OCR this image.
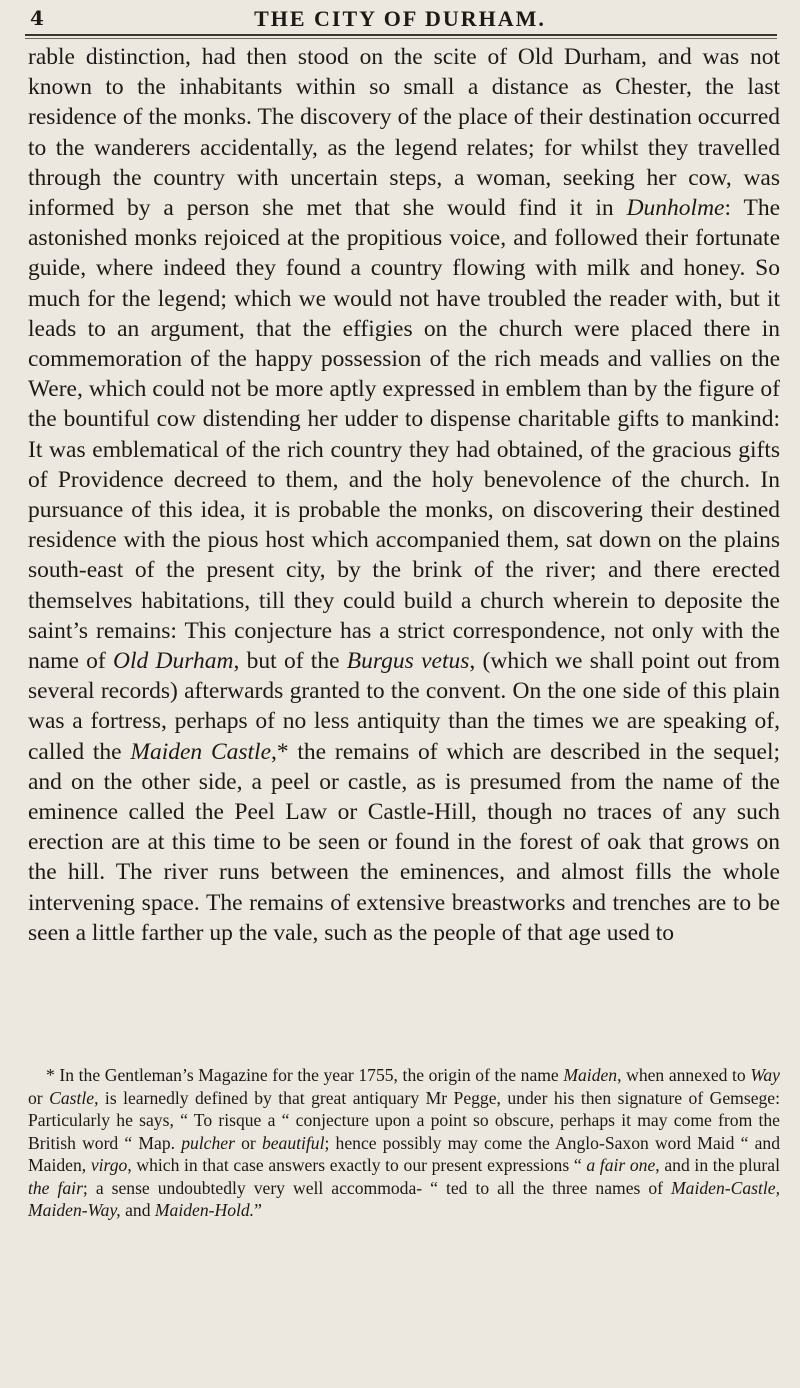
4	THE CITY OF DURHAM.

rable distinction, had then stood on the scite of Old Durham, and was not known to the inhabitants within so small a distance as Chester, the last residence of the monks. The discovery of the place of their destination occurred to the wanderers accidentally, as the legend relates; for whilst they travelled through the country with uncertain steps, a woman, seeking her cow, was informed by a person she met that she would find it in Dunholme: The astonished monks rejoiced at the propitious voice, and followed their fortunate guide, where indeed they found a country flowing with milk and honey. So much for the legend; which we would not have troubled the reader with, but it leads to an argument, that the effigies on the church were placed there in commemoration of the happy possession of the rich meads and vallies on the Were, which could not be more aptly expressed in emblem than by the figure of the bountiful cow distending her udder to dispense charitable gifts to mankind: It was emblematical of the rich country they had obtained, of the gracious gifts of Providence decreed to them, and the holy benevolence of the church. In pursuance of this idea, it is probable the monks, on discovering their destined residence with the pious host which accompanied them, sat down on the plains south-east of the present city, by the brink of the river; and there erected themselves habitations, till they could build a church wherein to deposite the saint’s remains: This conjecture has a strict correspondence, not only with the name of Old Durham, but of the Burgus vetus, (which we shall point out from several records) afterwards granted to the convent. On the one side of this plain was a fortress, perhaps of no less antiquity than the times we are speaking of, called the Maiden Castle,* the remains of which are described in the sequel; and on the other side, a peel or castle, as is presumed from the name of the eminence called the Peel Law or Castle-Hill, though no traces of any such erection are at this time to be seen or found in the forest of oak that grows on the hill. The river runs between the eminences, and almost fills the whole intervening space. The remains of extensive breastworks and trenches are to be seen a little farther up the vale, such as the people of that age used to

* In the Gentleman’s Magazine for the year 1755, the origin of the name Maiden, when annexed to Way or Castle, is learnedly defined by that great antiquary Mr Pegge, under his then signature of Gemsege: Particularly he says, “ To risque a “ conjecture upon a point so obscure, perhaps it may come from the British word “ Map. pulcher or beautiful; hence possibly may come the Anglo-Saxon word Maid “ and Maiden, virgo, which in that case answers exactly to our present expressions “ a fair one, and in the plural the fair; a sense undoubtedly very well accommoda- “ ted to all the three names of Maiden-Castle, Maiden-Way, and Maiden-Hold.”
